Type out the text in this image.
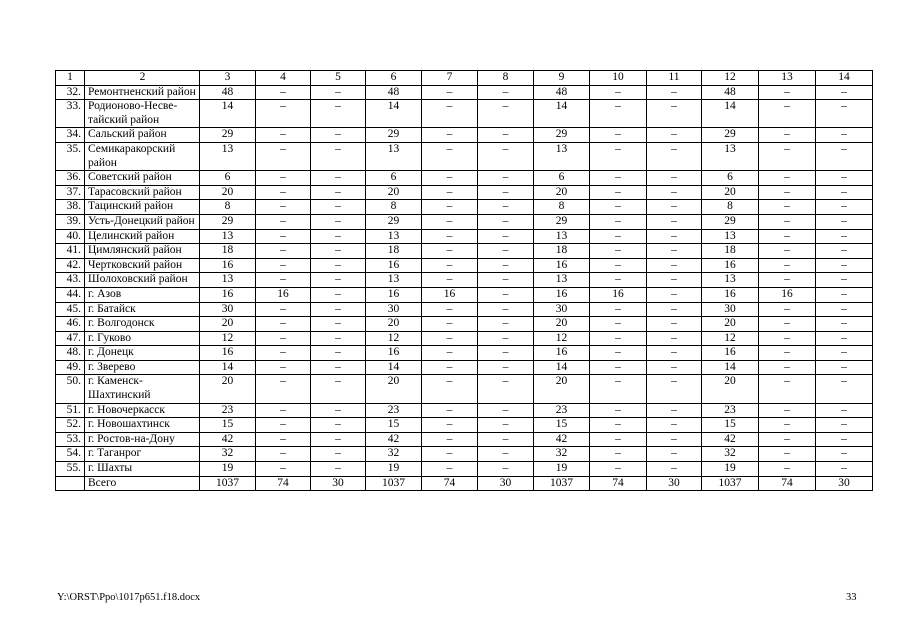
1	2	3	4	5	6	7	8	9	10	11	12	13	14
32.	Ремонтненский район	48	–	–	48	–	–	48	–	–	48	–	–
33.	Родионово-Несве-тайский район	14	–	–	14	–	–	14	–	–	14	–	–
34.	Сальский район	29	–	–	29	–	–	29	–	–	29	–	–
35.	Семикаракорский район	13	–	–	13	–	–	13	–	–	13	–	–
36.	Советский район	6	–	–	6	–	–	6	–	–	6	–	–
37.	Тарасовский район	20	–	–	20	–	–	20	–	–	20	–	–
38.	Тацинский район	8	–	–	8	–	–	8	–	–	8	–	–
39.	Усть-Донецкий район	29	–	–	29	–	–	29	–	–	29	–	–
40.	Целинский район	13	–	–	13	–	–	13	–	–	13	–	–
41.	Цимлянский район	18	–	–	18	–	–	18	–	–	18	–	–
42.	Чертковский район	16	–	–	16	–	–	16	–	–	16	–	–
43.	Шолоховский район	13	–	–	13	–	–	13	–	–	13	–	–
44.	г. Азов	16	16	–	16	16	–	16	16	–	16	16	–
45.	г. Батайск	30	–	–	30	–	–	30	–	–	30	–	–
46.	г. Волгодонск	20	–	–	20	–	–	20	–	–	20	–	–
47.	г. Гуково	12	–	–	12	–	–	12	–	–	12	–	–
48.	г. Донецк	16	–	–	16	–	–	16	–	–	16	–	–
49.	г. Зверево	14	–	–	14	–	–	14	–	–	14	–	–
50.	г. Каменск-Шахтинский	20	–	–	20	–	–	20	–	–	20	–	–
51.	г. Новочеркасск	23	–	–	23	–	–	23	–	–	23	–	–
52.	г. Новошахтинск	15	–	–	15	–	–	15	–	–	15	–	–
53.	г. Ростов-на-Дону	42	–	–	42	–	–	42	–	–	42	–	–
54.	г. Таганрог	32	–	–	32	–	–	32	–	–	32	–	–
55.	г. Шахты	19	–	–	19	–	–	19	–	–	19	–	–
	Всего	1037	74	30	1037	74	30	1037	74	30	1037	74	30
Y:\ORST\Ppo\1017p651.f18.docx	33
